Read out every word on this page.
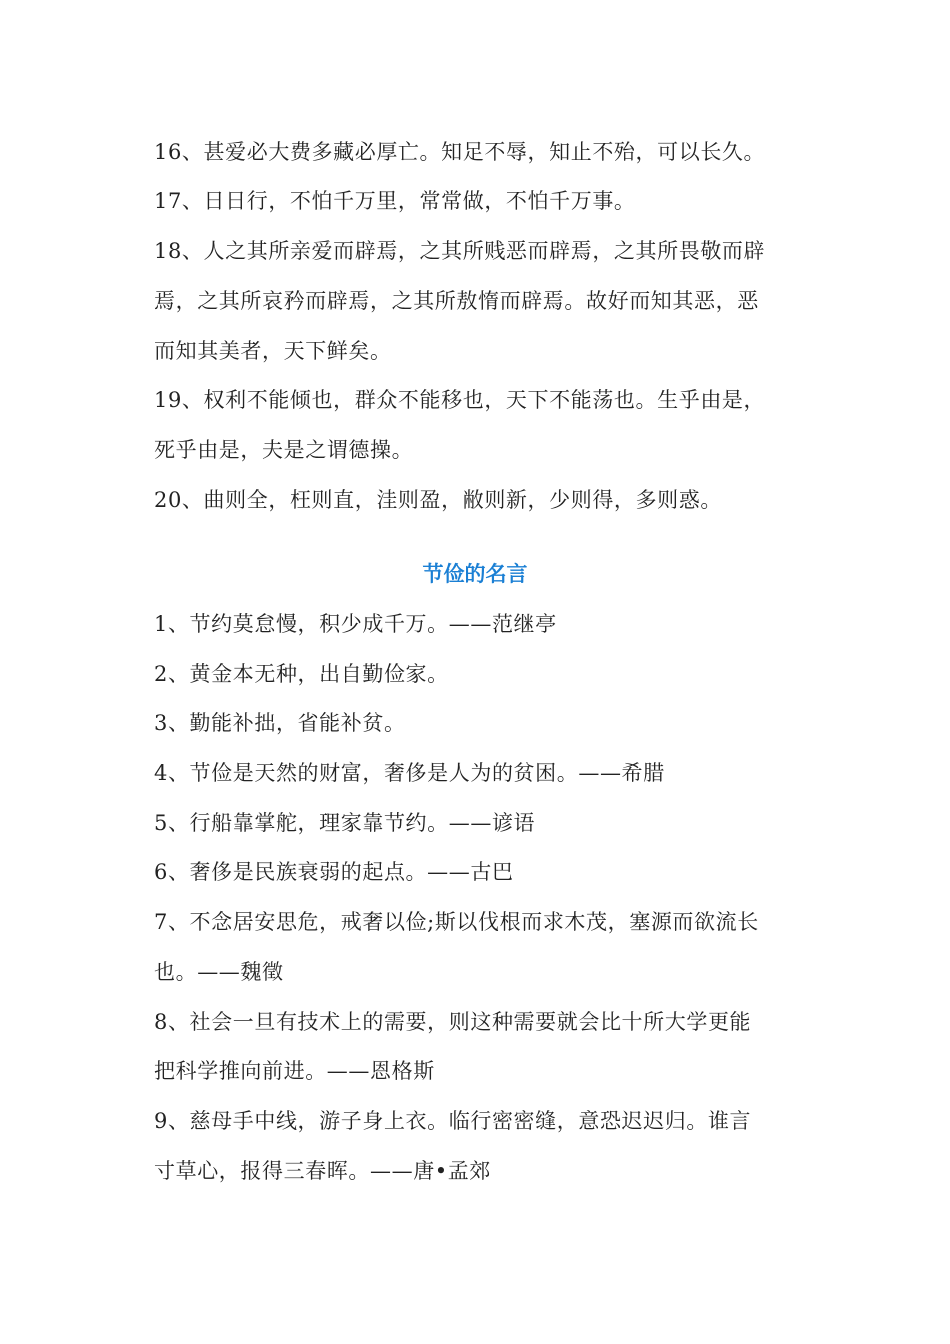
16、甚爱必大费多藏必厚亡。知足不辱，知止不殆，可以长久。
17、日日行，不怕千万里，常常做，不怕千万事。
18、人之其所亲爱而辟焉，之其所贱恶而辟焉，之其所畏敬而辟
焉，之其所哀矜而辟焉，之其所敖惰而辟焉。故好而知其恶，恶
而知其美者，天下鲜矣。
19、权利不能倾也，群众不能移也，天下不能荡也。生乎由是，
死乎由是，夫是之谓德操。
20、曲则全，枉则直，洼则盈，敝则新，少则得，多则惑。
节俭的名言
1、节约莫怠慢，积少成千万。——范继亭
2、黄金本无种，出自勤俭家。
3、勤能补拙，省能补贫。
4、节俭是天然的财富，奢侈是人为的贫困。——希腊
5、行船靠掌舵，理家靠节约。——谚语
6、奢侈是民族衰弱的起点。——古巴
7、不念居安思危，戒奢以俭;斯以伐根而求木茂，塞源而欲流长
也。——魏徵
8、社会一旦有技术上的需要，则这种需要就会比十所大学更能
把科学推向前进。——恩格斯
9、慈母手中线，游子身上衣。临行密密缝，意恐迟迟归。谁言
寸草心，报得三春晖。——唐•孟郊
